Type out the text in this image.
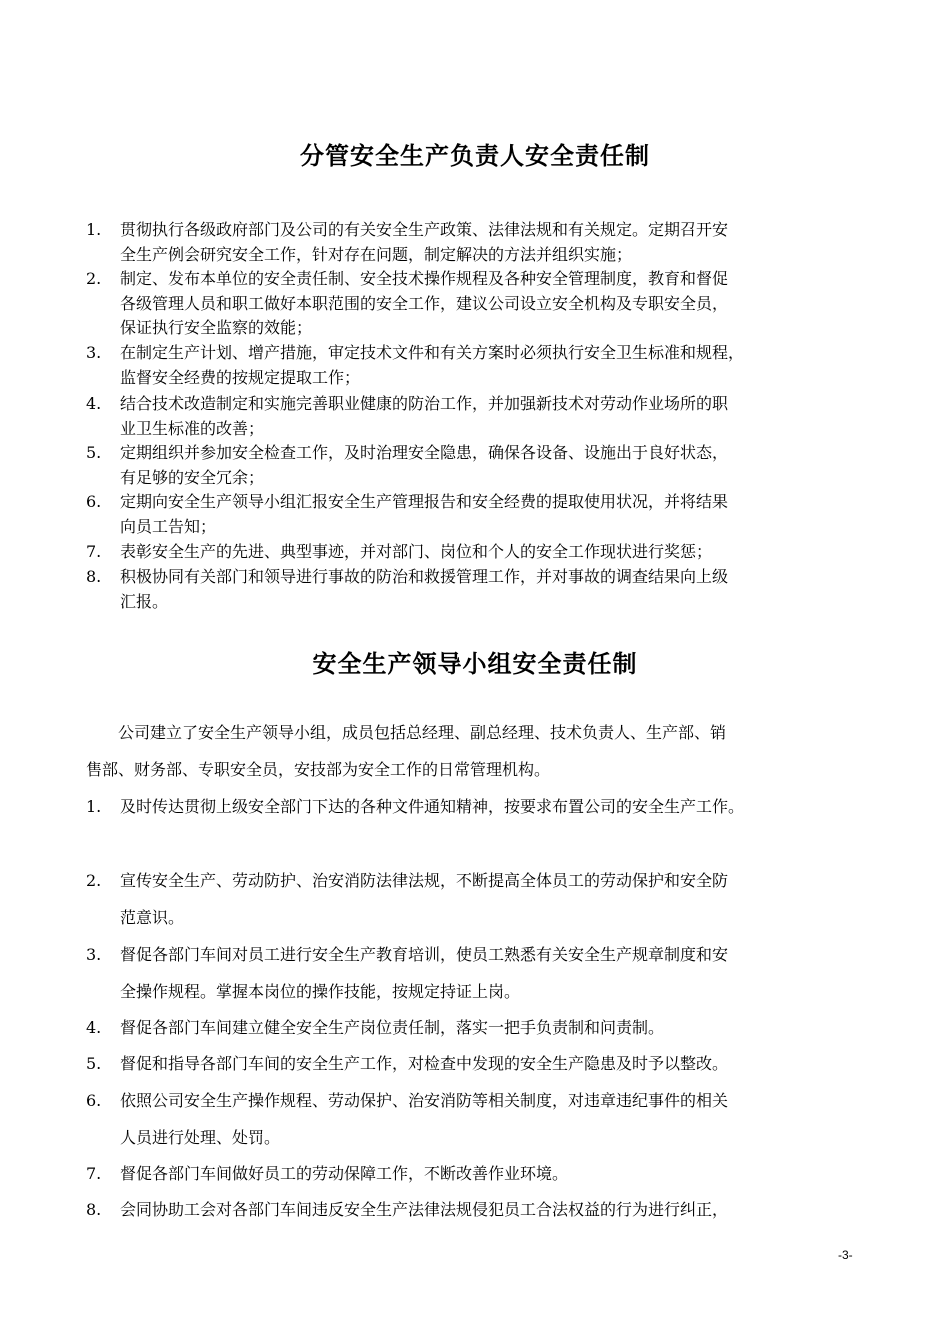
分管安全生产负责人安全责任制
1. 贯彻执行各级政府部门及公司的有关安全生产政策、法律法规和有关规定。定期召开安
全生产例会研究安全工作，针对存在问题，制定解决的方法并组织实施；
2. 制定、发布本单位的安全责任制、安全技术操作规程及各种安全管理制度，教育和督促
各级管理人员和职工做好本职范围的安全工作，建议公司设立安全机构及专职安全员，
保证执行安全监察的效能；
3. 在制定生产计划、增产措施，审定技术文件和有关方案时必须执行安全卫生标准和规程，
监督安全经费的按规定提取工作；
4. 结合技术改造制定和实施完善职业健康的防治工作，并加强新技术对劳动作业场所的职
业卫生标准的改善；
5. 定期组织并参加安全检查工作，及时治理安全隐患，确保各设备、设施出于良好状态，
有足够的安全冗余；
6. 定期向安全生产领导小组汇报安全生产管理报告和安全经费的提取使用状况，并将结果
向员工告知；
7. 表彰安全生产的先进、典型事迹，并对部门、岗位和个人的安全工作现状进行奖惩；
8. 积极协同有关部门和领导进行事故的防治和救援管理工作，并对事故的调查结果向上级
汇报。
安全生产领导小组安全责任制
　　公司建立了安全生产领导小组，成员包括总经理、副总经理、技术负责人、生产部、销
售部、财务部、专职安全员，安技部为安全工作的日常管理机构。
1. 及时传达贯彻上级安全部门下达的各种文件通知精神，按要求布置公司的安全生产工作。
2. 宣传安全生产、劳动防护、治安消防法律法规，不断提高全体员工的劳动保护和安全防
范意识。
3. 督促各部门车间对员工进行安全生产教育培训，使员工熟悉有关安全生产规章制度和安
全操作规程。掌握本岗位的操作技能，按规定持证上岗。
4. 督促各部门车间建立健全安全生产岗位责任制，落实一把手负责制和问责制。
5. 督促和指导各部门车间的安全生产工作，对检查中发现的安全生产隐患及时予以整改。
6. 依照公司安全生产操作规程、劳动保护、治安消防等相关制度，对违章违纪事件的相关
人员进行处理、处罚。
7. 督促各部门车间做好员工的劳动保障工作，不断改善作业环境。
8. 会同协助工会对各部门车间违反安全生产法律法规侵犯员工合法权益的行为进行纠正，
-3-
